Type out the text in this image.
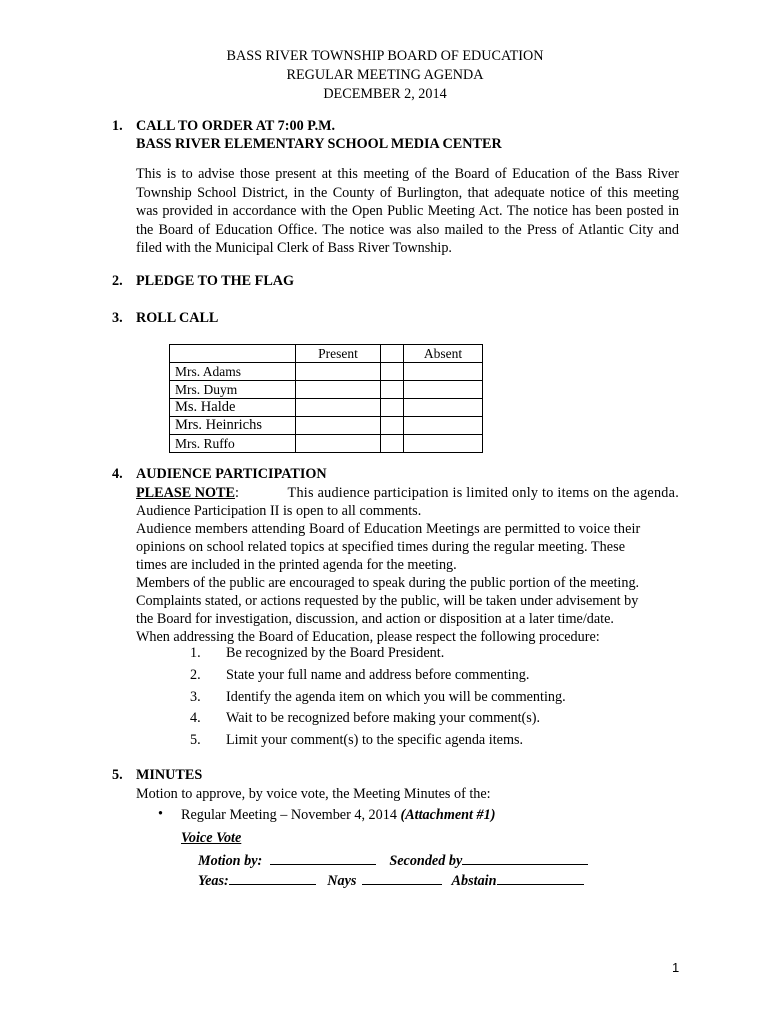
BASS RIVER TOWNSHIP BOARD OF EDUCATION
REGULAR MEETING AGENDA
DECEMBER 2, 2014
1. CALL TO ORDER AT 7:00 P.M.
BASS RIVER ELEMENTARY SCHOOL MEDIA CENTER
This is to advise those present at this meeting of the Board of Education of the Bass River Township School District, in the County of Burlington, that adequate notice of this meeting was provided in accordance with the Open Public Meeting Act. The notice has been posted in the Board of Education Office. The notice was also mailed to the Press of Atlantic City and filed with the Municipal Clerk of Bass River Township.
2. PLEDGE TO THE FLAG
3. ROLL CALL
	Present		Absent
Mrs. Adams			
Mrs. Duym			
Ms. Halde			
Mrs. Heinrichs			
Mrs. Ruffo			
4. AUDIENCE PARTICIPATION
PLEASE NOTE:	This audience participation is limited only to items on the agenda.
Audience Participation II is open to all comments.
Audience members attending Board of Education Meetings are permitted to voice their
opinions on school related topics at specified times during the regular meeting. These
times are included in the printed agenda for the meeting.
Members of the public are encouraged to speak during the public portion of the meeting.
Complaints stated, or actions requested by the public, will be taken under advisement by
the Board for investigation, discussion, and action or disposition at a later time/date.
When addressing the Board of Education, please respect the following procedure:
1. Be recognized by the Board President.
2. State your full name and address before commenting.
3. Identify the agenda item on which you will be commenting.
4. Wait to be recognized before making your comment(s).
5. Limit your comment(s) to the specific agenda items.
5. MINUTES
Motion to approve, by voice vote, the Meeting Minutes of the:
• Regular Meeting – November 4, 2014 (Attachment #1)
Voice Vote
Motion by:	Seconded by
Yeas:	Nays	Abstain
1
